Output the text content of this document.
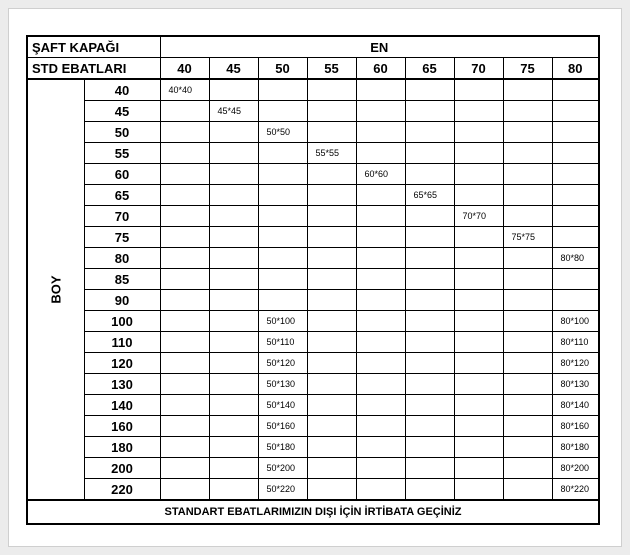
ŞAFT KAPAĞI		EN								
STD EBATLARI		40	45	50	55	60	65	70	75	80
BOY	40	40*40								
	45		45*45							
	50			50*50						
	55				55*55					
	60					60*60				
	65						65*65			
	70							70*70		
	75								75*75	
	80									80*80
	85									
	90									
	100			50*100						80*100
	110			50*110						80*110
	120			50*120						80*120
	130			50*130						80*130
	140			50*140						80*140
	160			50*160						80*160
	180			50*180						80*180
	200			50*200						80*200
	220			50*220						80*220
STANDART EBATLARIMIZIN DIŞI İÇİN İRTİBATA GEÇİNİZ										
